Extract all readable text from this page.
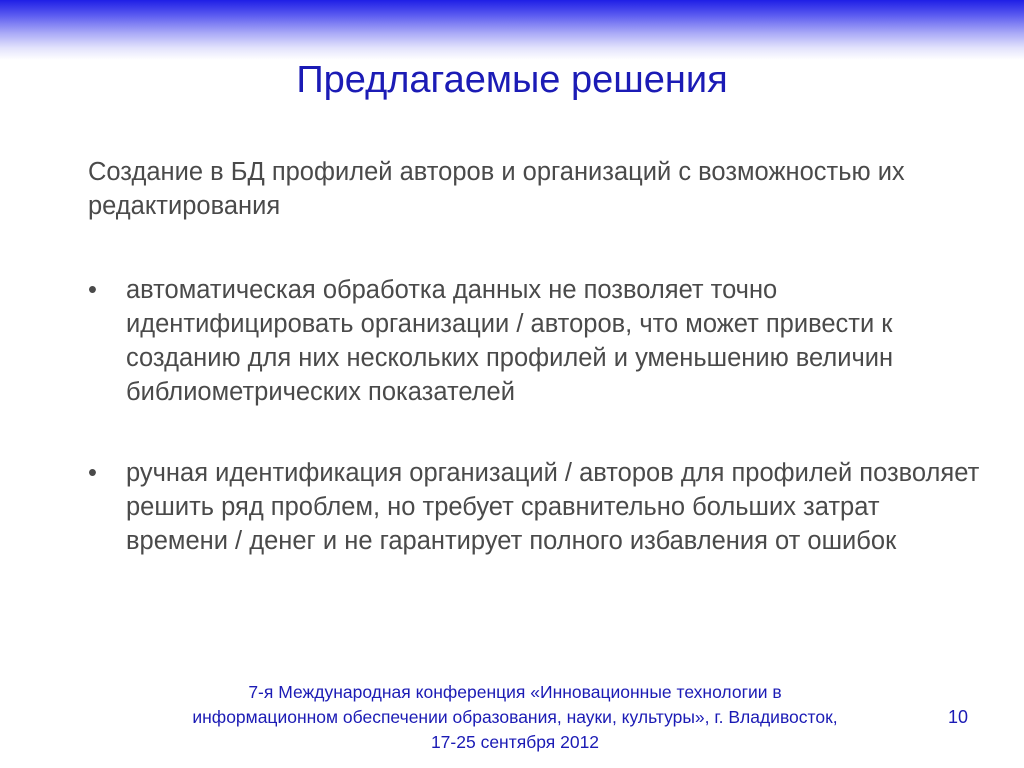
Предлагаемые решения
Создание в БД профилей авторов и организаций с возможностью их редактирования
•	автоматическая обработка данных не позволяет точно идентифицировать организации / авторов, что может привести к созданию для них нескольких профилей и уменьшению величин библиометрических показателей
•	ручная идентификация организаций / авторов для профилей позволяет решить ряд проблем, но требует сравнительно больших затрат времени / денег и не гарантирует полного избавления от ошибок
7-я Международная конференция «Инновационные технологии в
информационном обеспечении образования, науки, культуры», г. Владивосток,
17-25 сентября 2012
10
